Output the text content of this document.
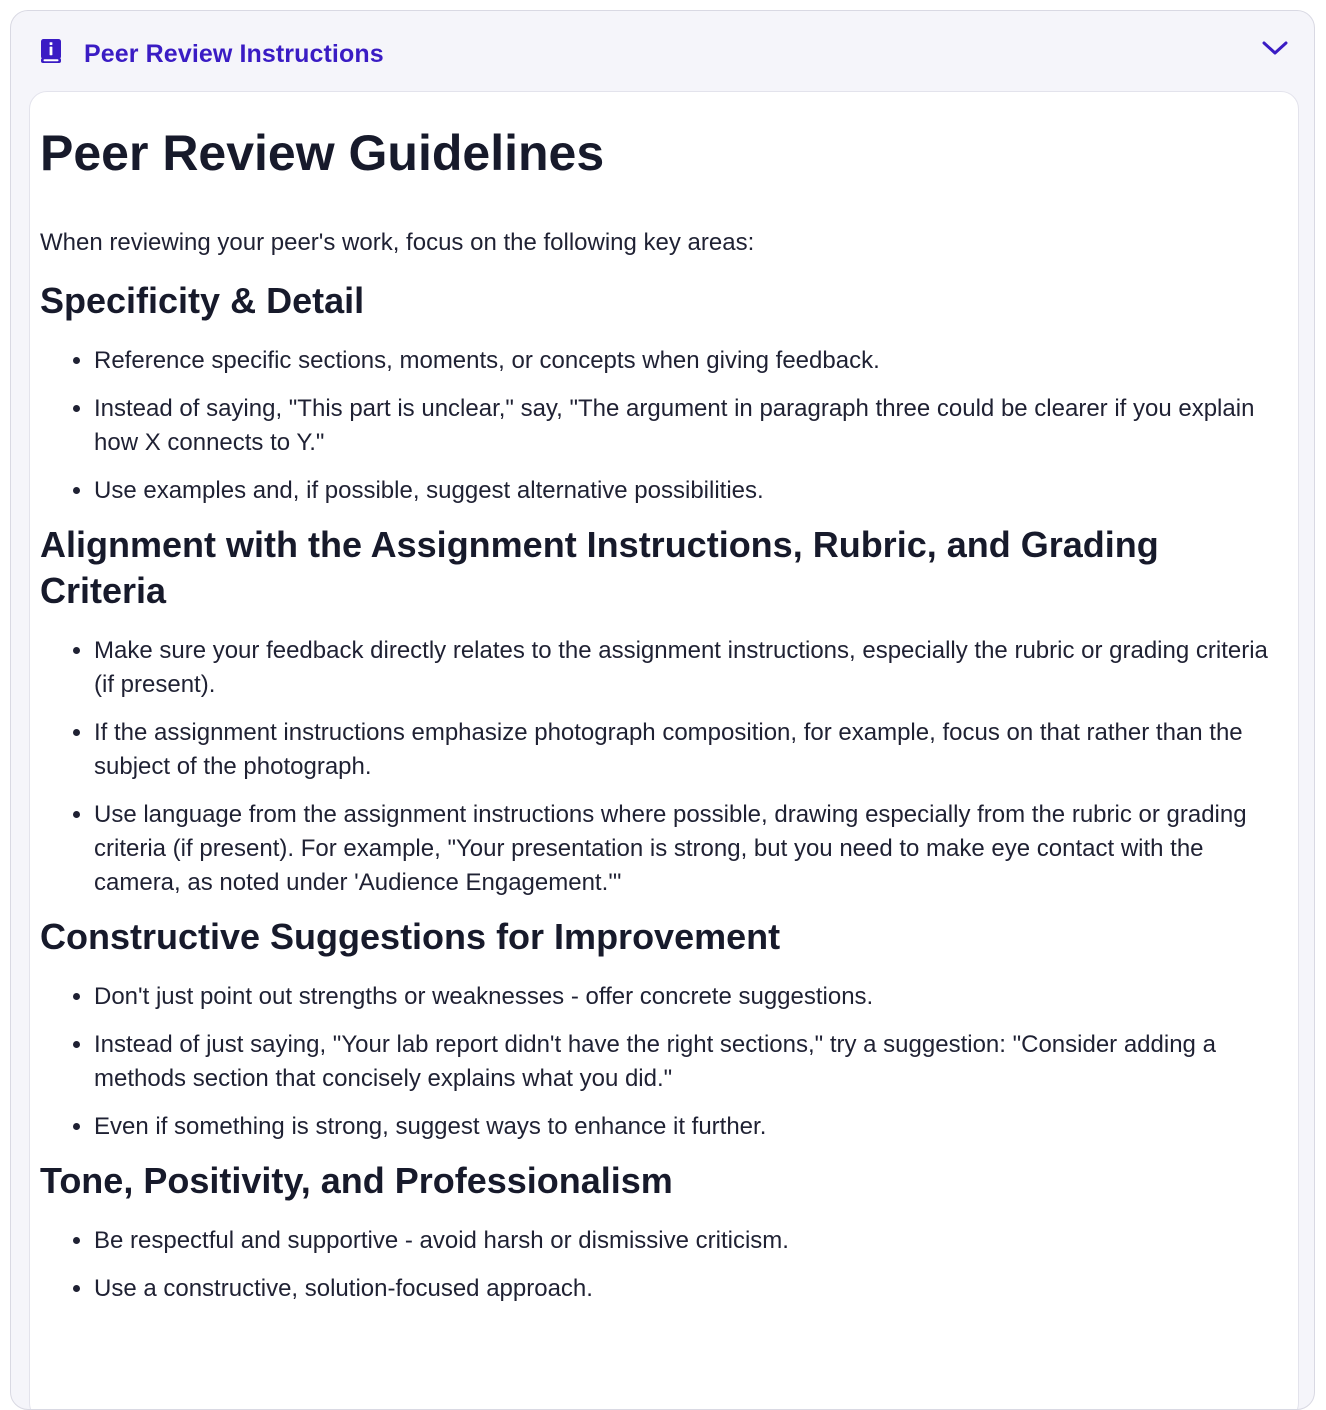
Peer Review Instructions
Peer Review Guidelines

When reviewing your peer's work, focus on the following key areas:

Specificity & Detail
• Reference specific sections, moments, or concepts when giving feedback.
• Instead of saying, "This part is unclear," say, "The argument in paragraph three could be clearer if you explain how X connects to Y."
• Use examples and, if possible, suggest alternative possibilities.
Alignment with the Assignment Instructions, Rubric, and Grading Criteria
• Make sure your feedback directly relates to the assignment instructions, especially the rubric or grading criteria (if present).
• If the assignment instructions emphasize photograph composition, for example, focus on that rather than the subject of the photograph.
• Use language from the assignment instructions where possible, drawing especially from the rubric or grading criteria (if present). For example, "Your presentation is strong, but you need to make eye contact with the camera, as noted under 'Audience Engagement.'"
Constructive Suggestions for Improvement
• Don't just point out strengths or weaknesses - offer concrete suggestions.
• Instead of just saying, "Your lab report didn't have the right sections," try a suggestion: "Consider adding a methods section that concisely explains what you did."
• Even if something is strong, suggest ways to enhance it further.
Tone, Positivity, and Professionalism
• Be respectful and supportive - avoid harsh or dismissive criticism.
• Use a constructive, solution-focused approach.
